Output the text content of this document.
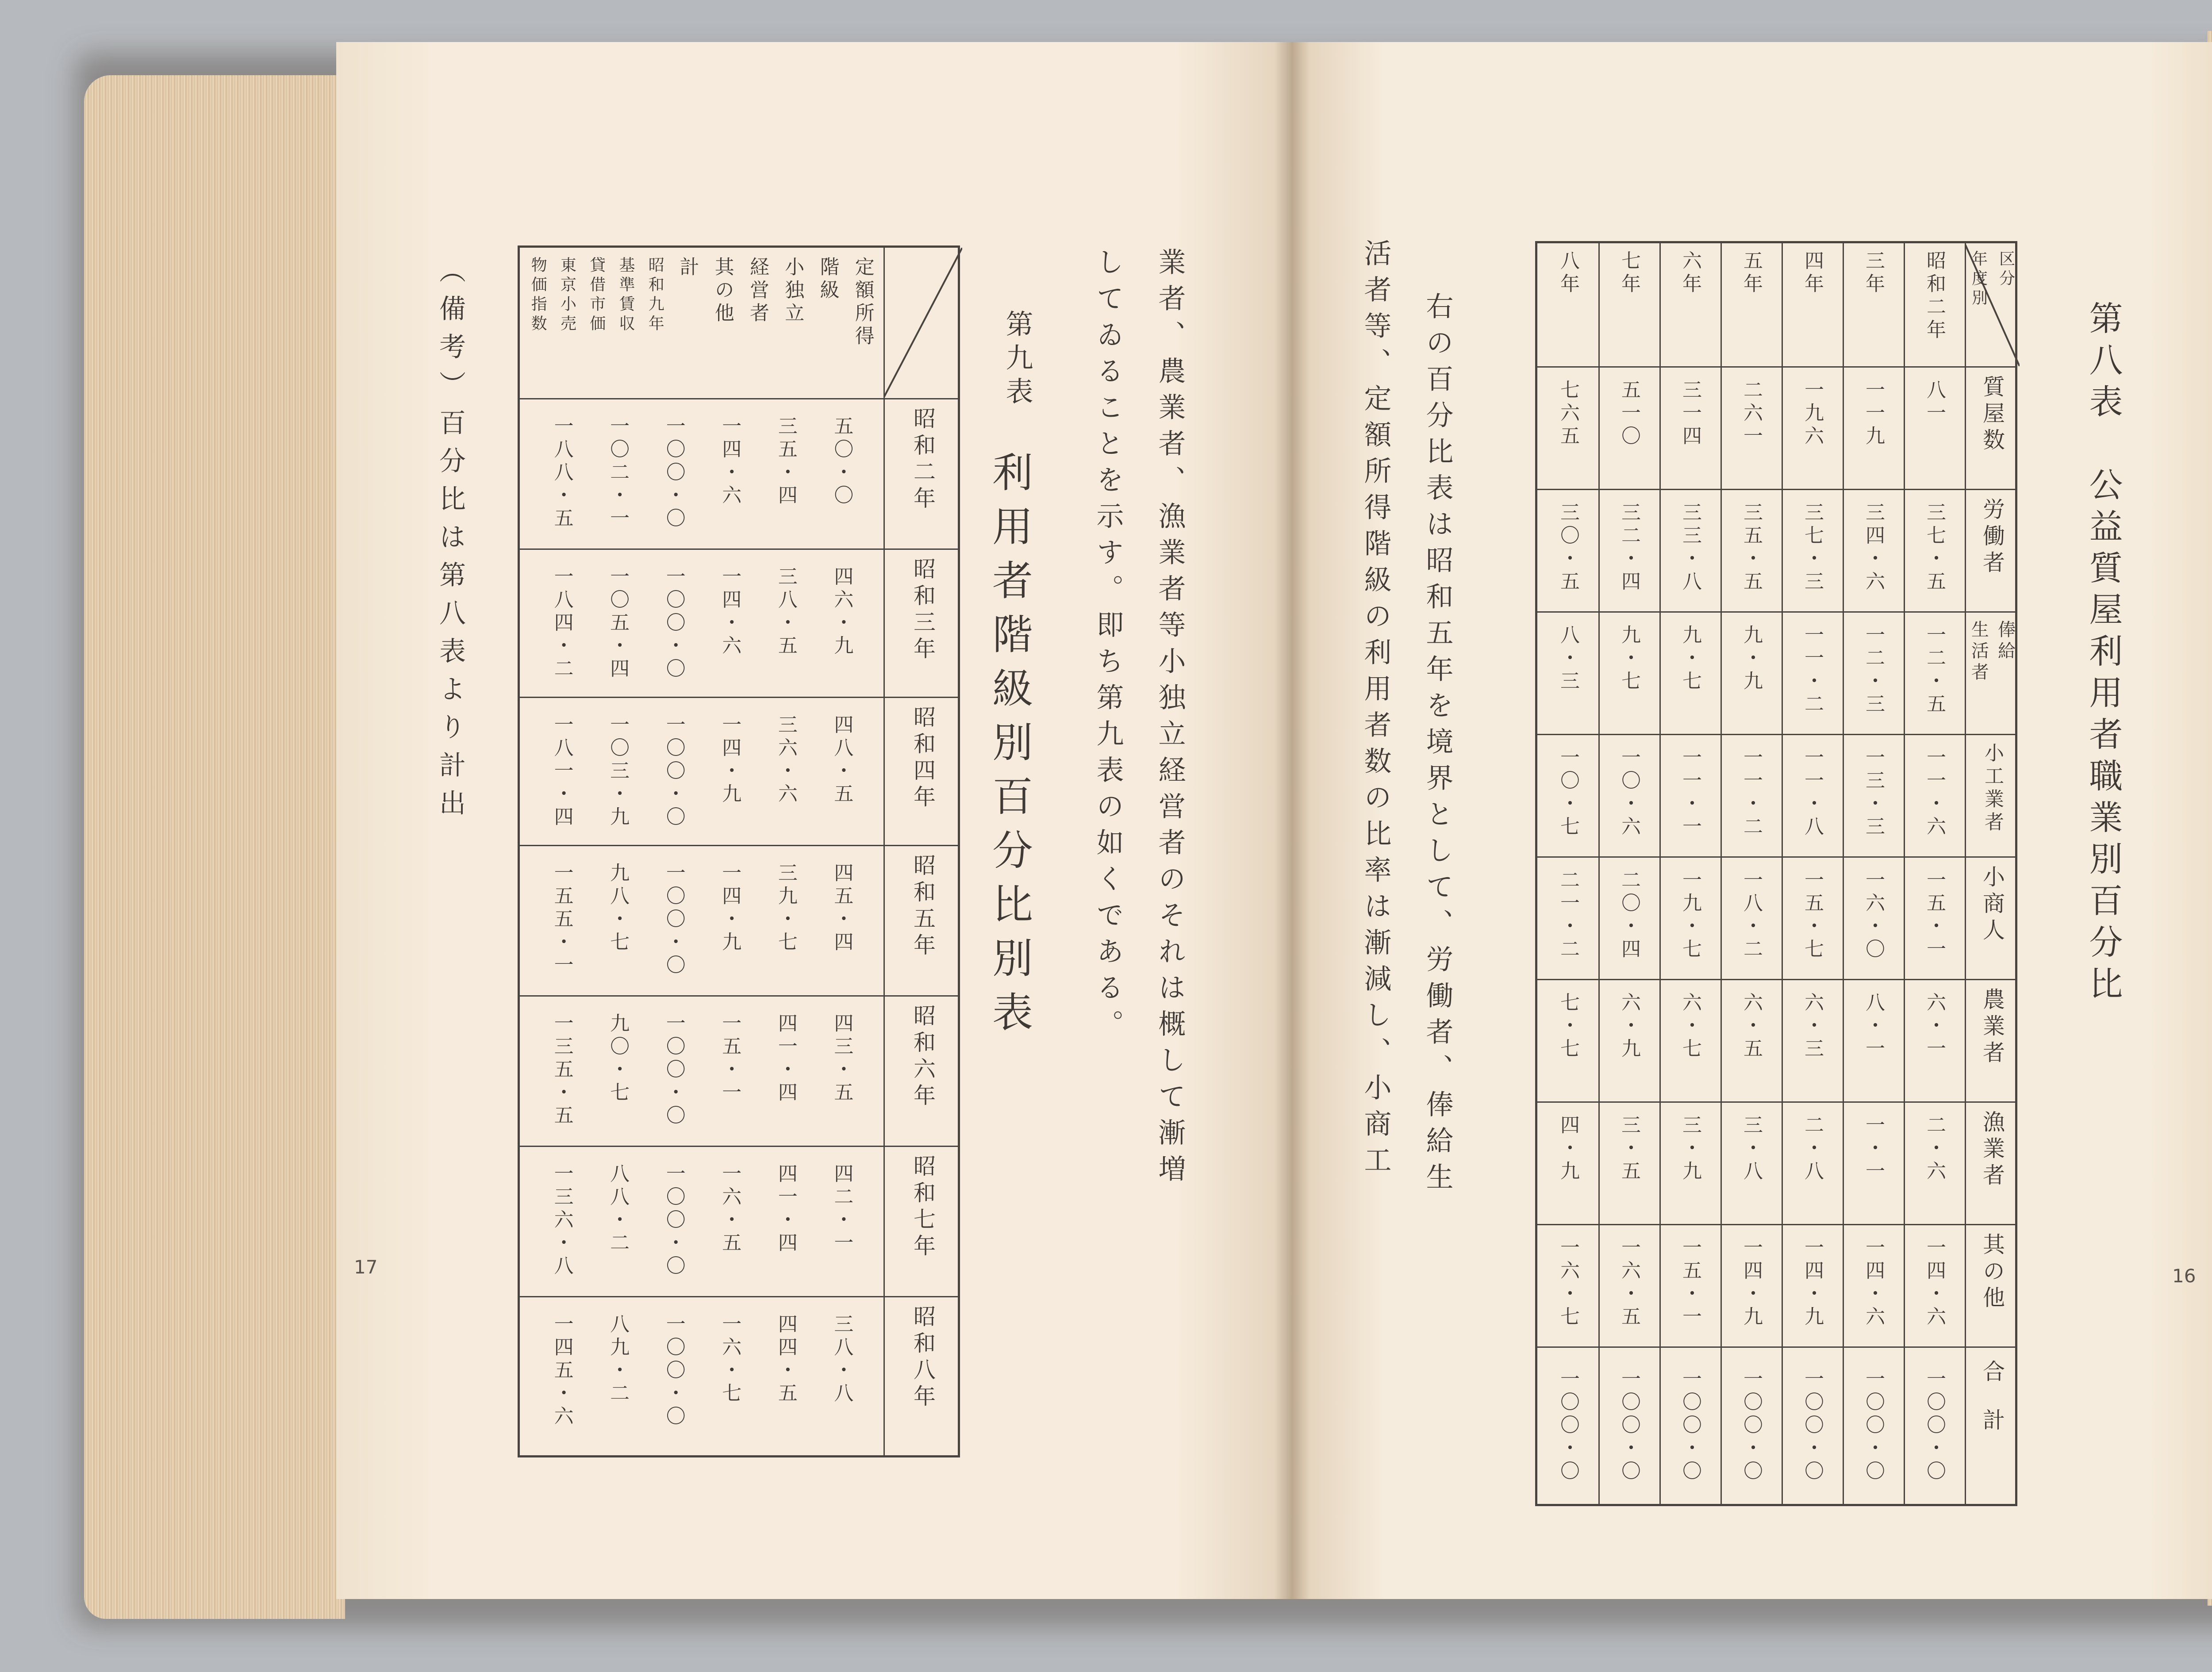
業者、農業者、漁業者等小独立経営者のそれは概して漸増
してゐることを示す。即ち第九表の如くである。
第九表
利用者階級別百分比別表
定額所得
階級
小独立
経営者
其の他
計
昭和九年
基準賃収
貸借市価
東京小売
物価指数
昭和二年
昭和三年
昭和四年
昭和五年
昭和六年
昭和七年
昭和八年
五〇・〇
三五・四
一四・六
一〇〇・〇
一〇二・一
一八八・五
四六・九
三八・五
一四・六
一〇〇・〇
一〇五・四
一八四・二
四八・五
三六・六
一四・九
一〇〇・〇
一〇三・九
一八一・四
四五・四
三九・七
一四・九
一〇〇・〇
九八・七
一五五・一
四三・五
四一・四
一五・一
一〇〇・〇
九〇・七
一三五・五
四二・一
四一・四
一六・五
一〇〇・〇
八八・二
一三六・八
三八・八
四四・五
一六・七
一〇〇・〇
八九・二
一四五・六
（備考）百分比は第八表より計出
17
第八表　公益質屋利用者職業別百分比
区分
年度別
昭和二年
三年
四年
五年
六年
七年
八年
質屋数
労働者
俸給
生活者
小工業者
小商人
農業者
漁業者
其の他
合計
八一
一一九
一九六
二六一
三一四
五一〇
七六五
三七・五
三四・六
三七・三
三五・五
三三・八
三二・四
三〇・五
一二・五
一二・三
一一・二
九・九
九・七
九・七
八・三
一一・六
一三・三
一一・八
一一・二
一一・一
一〇・六
一〇・七
一五・一
一六・〇
一五・七
一八・二
一九・七
二〇・四
二一・二
六・一
八・一
六・三
六・五
六・七
六・九
七・七
二・六
一・一
二・八
三・八
三・九
三・五
四・九
一四・六
一四・六
一四・九
一四・九
一五・一
一六・五
一六・七
一〇〇・〇
一〇〇・〇
一〇〇・〇
一〇〇・〇
一〇〇・〇
一〇〇・〇
一〇〇・〇
右の百分比表は昭和五年を境界として、労働者、俸給生
活者等、定額所得階級の利用者数の比率は漸減し、小商工
16
